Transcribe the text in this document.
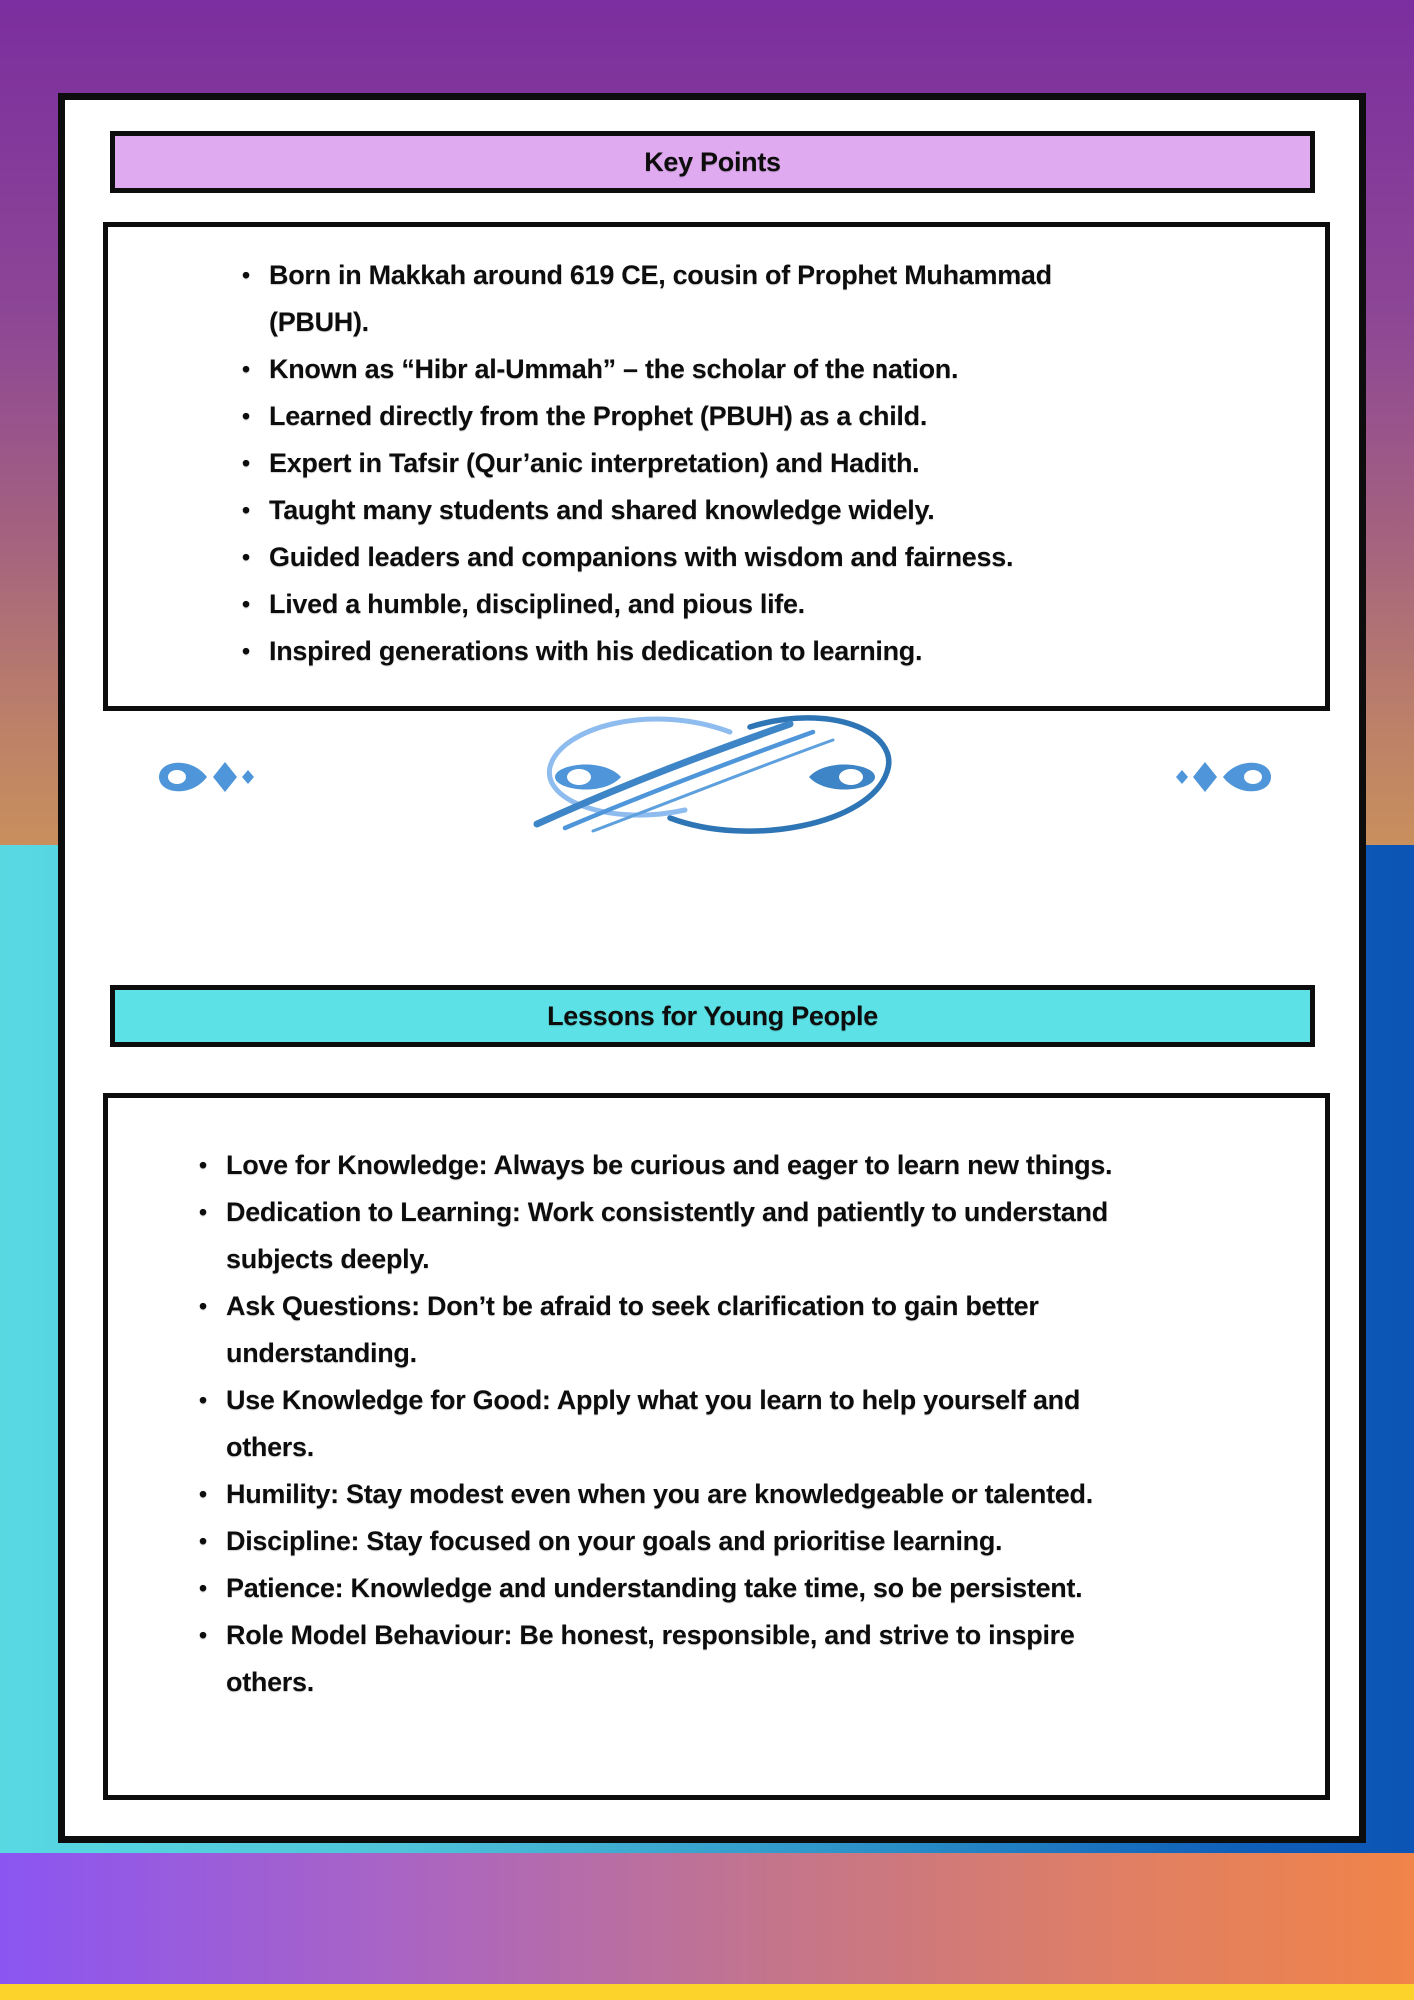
Key Points
• Born in Makkah around 619 CE, cousin of Prophet Muhammad (PBUH).
• Known as “Hibr al-Ummah” – the scholar of the nation.
• Learned directly from the Prophet (PBUH) as a child.
• Expert in Tafsir (Qur’anic interpretation) and Hadith.
• Taught many students and shared knowledge widely.
• Guided leaders and companions with wisdom and fairness.
• Lived a humble, disciplined, and pious life.
• Inspired generations with his dedication to learning.
Lessons for Young People
• Love for Knowledge: Always be curious and eager to learn new things.
• Dedication to Learning: Work consistently and patiently to understand subjects deeply.
• Ask Questions: Don’t be afraid to seek clarification to gain better understanding.
• Use Knowledge for Good: Apply what you learn to help yourself and others.
• Humility: Stay modest even when you are knowledgeable or talented.
• Discipline: Stay focused on your goals and prioritise learning.
• Patience: Knowledge and understanding take time, so be persistent.
• Role Model Behaviour: Be honest, responsible, and strive to inspire others.
